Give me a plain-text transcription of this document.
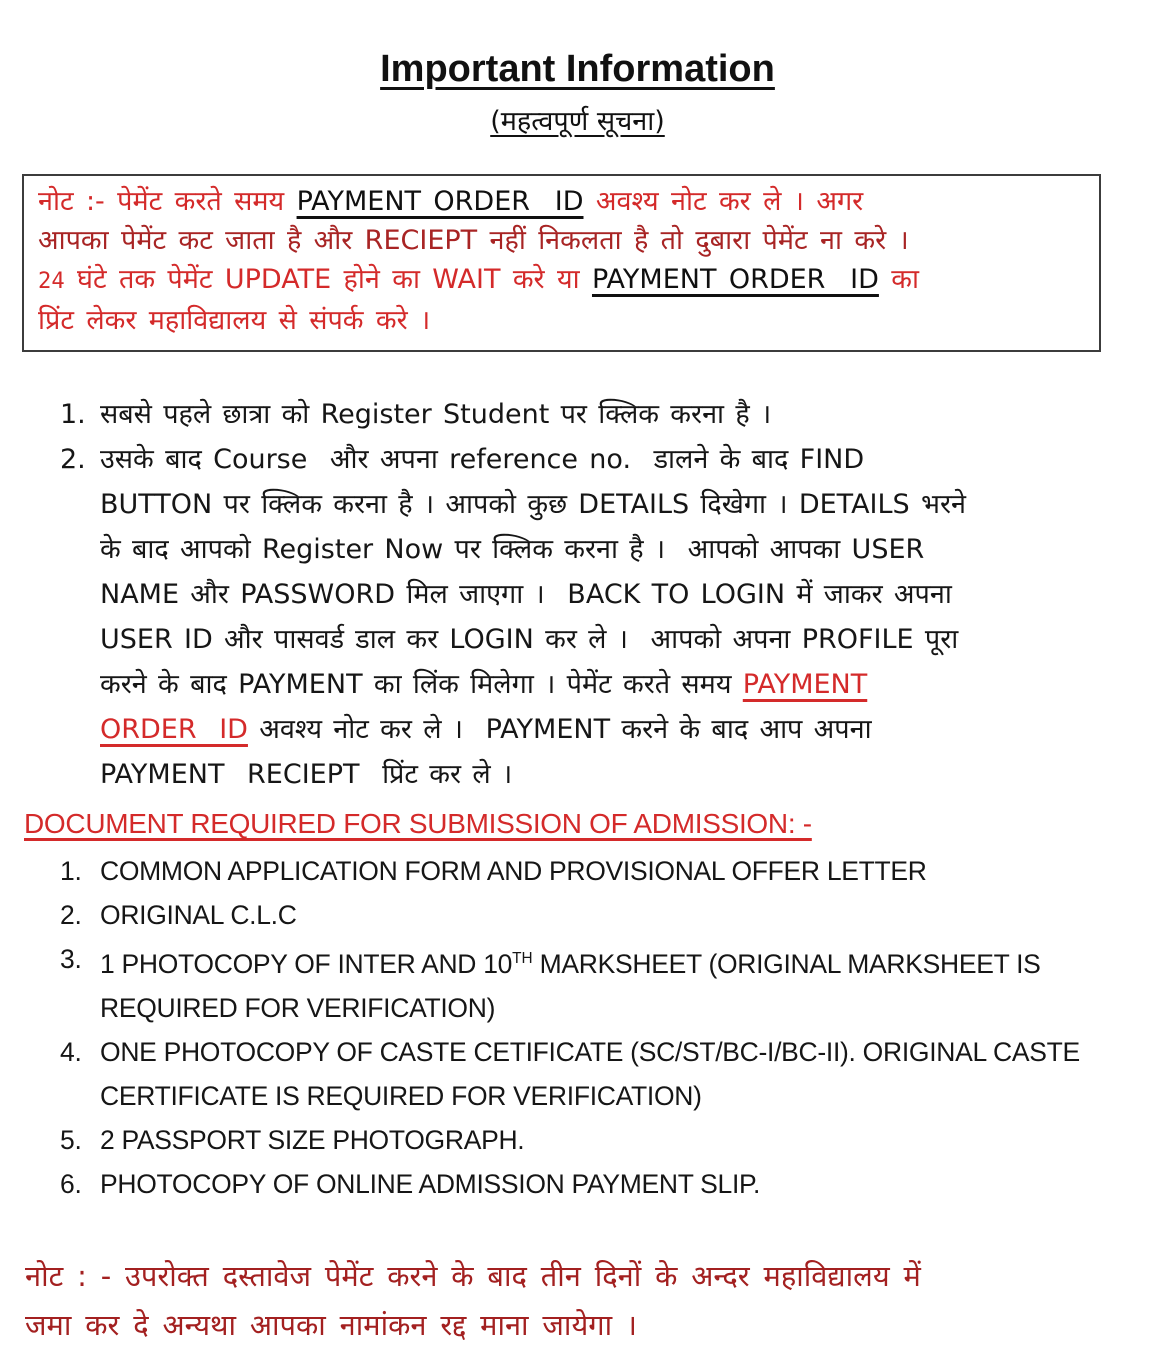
Important Information
(महत्वपूर्ण सूचना)
नोट :- पेमेंट करते समय PAYMENT ORDER  ID अवश्य नोट कर ले । अगर
आपका पेमेंट कट जाता है और RECIEPT नहीं निकलता है तो दुबारा पेमेंट ना करे ।
24 घंटे तक पेमेंट UPDATE होने का WAIT करे या PAYMENT ORDER  ID का
प्रिंट लेकर महाविद्यालय से संपर्क करे ।
1. सबसे पहले छात्रा को Register Student पर क्लिक करना है ।
2. उसके बाद Course  और अपना reference no.  डालने के बाद FIND
BUTTON पर क्लिक करना है । आपको कुछ DETAILS दिखेगा । DETAILS भरने
के बाद आपको Register Now पर क्लिक करना है ।  आपको आपका USER
NAME और PASSWORD मिल जाएगा ।  BACK TO LOGIN में जाकर अपना
USER ID और पासवर्ड डाल कर LOGIN कर ले ।  आपको अपना PROFILE पूरा
करने के बाद PAYMENT का लिंक मिलेगा । पेमेंट करते समय PAYMENT
ORDER  ID अवश्य नोट कर ले ।  PAYMENT करने के बाद आप अपना
PAYMENT  RECIEPT  प्रिंट कर ले ।
DOCUMENT REQUIRED FOR SUBMISSION OF ADMISSION: -
1. COMMON APPLICATION FORM AND PROVISIONAL OFFER LETTER
2. ORIGINAL C.L.C
3. 1 PHOTOCOPY OF INTER AND 10TH MARKSHEET (ORIGINAL MARKSHEET IS REQUIRED FOR VERIFICATION)
4. ONE PHOTOCOPY OF CASTE CETIFICATE (SC/ST/BC-I/BC-II). ORIGINAL CASTE CERTIFICATE IS REQUIRED FOR VERIFICATION)
5. 2 PASSPORT SIZE PHOTOGRAPH.
6. PHOTOCOPY OF ONLINE ADMISSION PAYMENT SLIP.
नोट : - उपरोक्त दस्तावेज पेमेंट करने के बाद तीन दिनों के अन्दर महाविद्यालय में
जमा कर दे अन्यथा आपका नामांकन रद्द माना जायेगा ।
